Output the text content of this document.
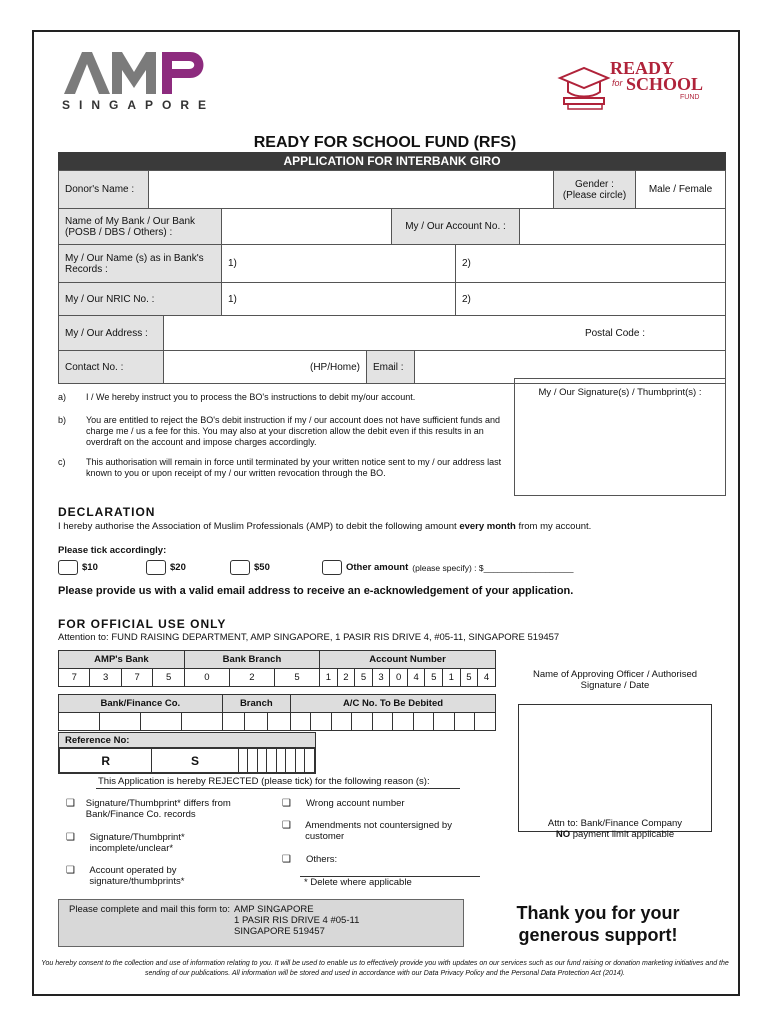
SINGAPORE
READY
for SCHOOL
FUND
READY FOR SCHOOL FUND (RFS)
APPLICATION FOR INTERBANK GIRO
Donor's Name :	Gender : (Please circle)	Male / Female
Name of My Bank / Our Bank (POSB / DBS / Others) :	My / Our Account No. :
My / Our Name (s) as in Bank's Records :	1)	2)
My / Our NRIC No. :	1)	2)
My / Our Address :	Postal Code :
Contact No. :	(HP/Home)	Email :
a)	I / We hereby instruct you to process the BO's instructions to debit my/our account.
b)	You are entitled to reject the BO's debit instruction if my / our account does not have sufficient funds and charge me / us a fee for this. You may also at your discretion allow the debit even if this results in an overdraft on the account and impose charges accordingly.
c)	This authorisation will remain in force until terminated by your written notice sent to my / our address last known to you or upon receipt of my / our written revocation through the BO.
My / Our Signature(s) / Thumbprint(s) :
DECLARATION
I hereby authorise the Association of Muslim Professionals (AMP) to debit the following amount every month from my account.
Please tick accordingly:
$10	$20	$50	Other amount (please specify) : $___________________
Please provide us with a valid email address to receive an e-acknowledgement of your application.
FOR OFFICIAL USE ONLY
Attention to: FUND RAISING DEPARTMENT, AMP SINGAPORE, 1 PASIR RIS DRIVE 4, #05-11, SINGAPORE 519457
AMP's Bank				Bank Branch			Account Number									
7	3	7	5	0	2	5	1	2	5	3	0	4	5	1	5	4
Bank/Finance Co.				Branch			A/C No. To Be Debited									

Name of Approving Officer / Authorised Signature / Date
Attn to: Bank/Finance Company
NO payment limit applicable
Reference No:
R	S								
This Application is hereby REJECTED (please tick) for the following reason (s):
❑ Signature/Thumbprint* differs from Bank/Finance Co. records
❑	Signature/Thumbprint* incomplete/unclear*
❑	Account operated by signature/thumbprints*
❑	Wrong account number
❑	Amendments not countersigned by customer
❑	Others:
* Delete where applicable
Please complete and mail this form to: AMP SINGAPORE
1 PASIR RIS DRIVE 4 #05-11
SINGAPORE 519457
Thank you for your generous support!
You hereby consent to the collection and use of information relating to you. It will be used to enable us to effectively provide you with updates on our services such as our fund raising or donation marketing initiatives and the sending of our publications. All information will be stored and used in accordance with our Data Privacy Policy and the Personal Data Protection Act (2014).
